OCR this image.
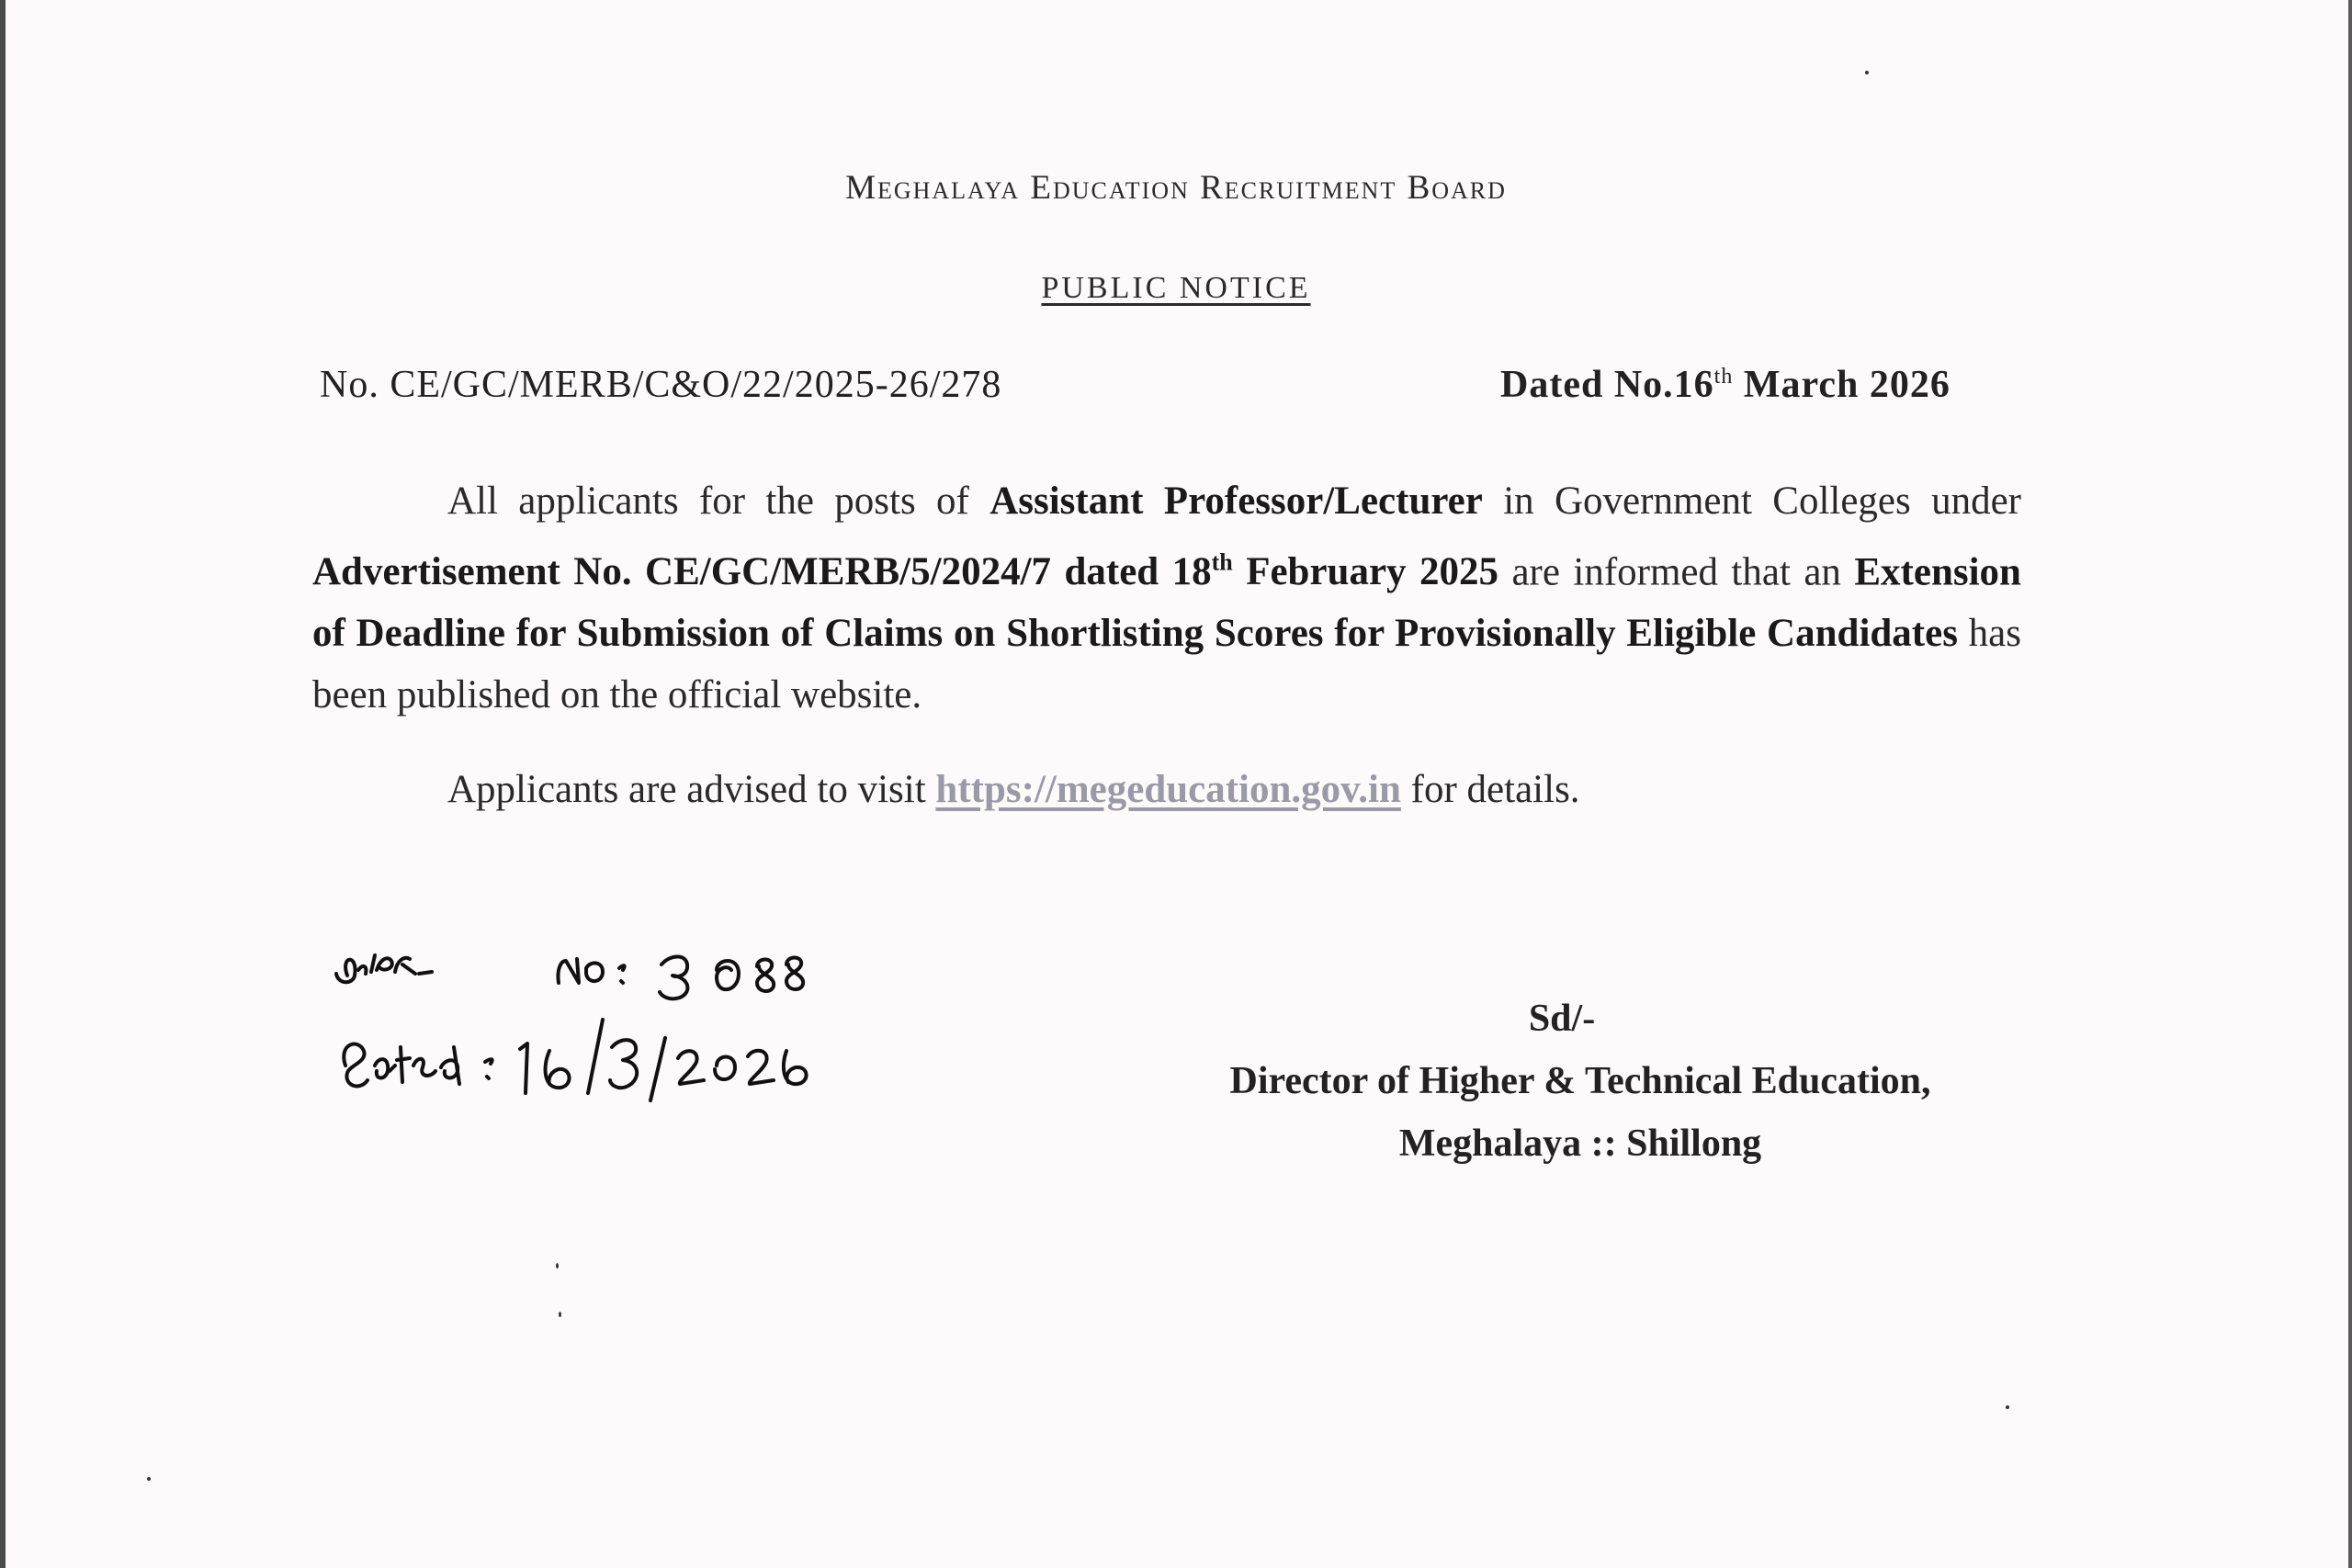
Meghalaya Education Recruitment Board
PUBLIC NOTICE
No. CE/GC/MERB/C&O/22/2025-26/278	Dated No.16th March 2026
All applicants for the posts of Assistant Professor/Lecturer in Government Colleges under Advertisement No. CE/GC/MERB/5/2024/7 dated 18th February 2025 are informed that an Extension of Deadline for Submission of Claims on Shortlisting Scores for Provisionally Eligible Candidates has been published on the official website.
Applicants are advised to visit https://megeducation.gov.in for details.
Sd/-
Director of Higher & Technical Education,
Meghalaya :: Shillong
